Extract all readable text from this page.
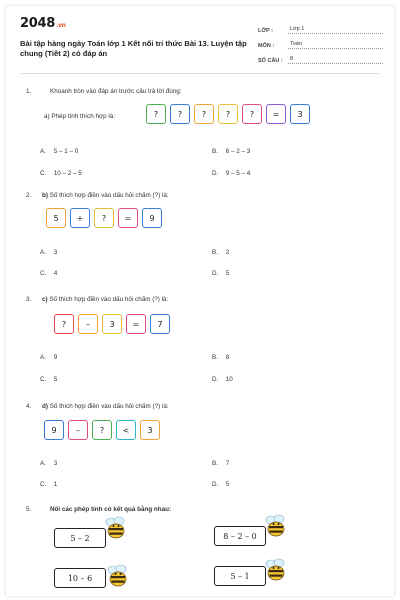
2048.vn
Bài tập hàng ngày Toán lớp 1 Kết nối tri thức Bài 13. Luyện tập chung (Tiết 2) có đáp án
LỚP :	Lớp 1
MÔN :	Toán
SỐ CÂU :	8
1.	Khoanh tròn vào đáp án trước câu trả lời đúng:
a) Phép tính thích hợp là:	?	?	?	?	?	=	3
A. 5 – 1 – 0	B. 6 – 2 – 3
C. 10 – 2 – 5	D. 9 – 5 – 4
2. b) Số thích hợp điền vào dấu hỏi chấm (?) là:
5	+	?	=	9
A. 3	B. 2
C. 4	D. 5
3. c) Số thích hợp điền vào dấu hỏi chấm (?) là:
?	–	3	=	7
A. 9	B. 8
C. 5	D. 10
4. d) Số thích hợp điền vào dấu hỏi chấm (?) là:
9	–	?	<	3
A. 3	B. 7
C. 1	D. 5
5.	Nối các phép tính có kết quả bằng nhau:
5 – 2
10 – 6
8 – 2 – 0
5 – 1
